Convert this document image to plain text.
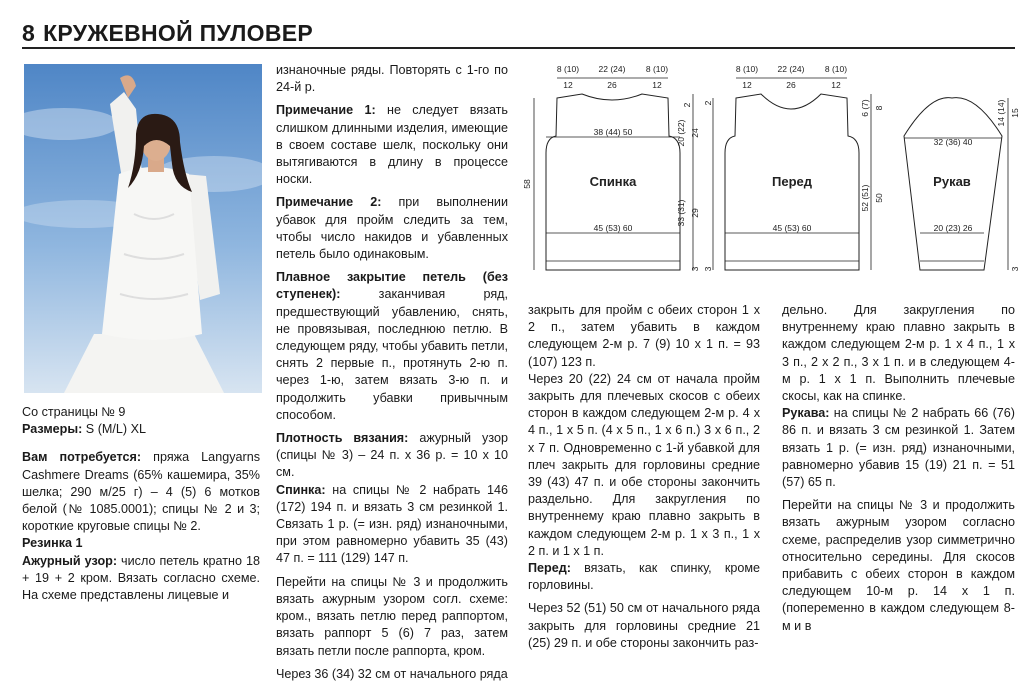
8 КРУЖЕВНОЙ ПУЛОВЕР

Со страницы № 9

Размеры: S (M/L) XL

Вам потребуется: пряжа Langyarns Cashmere Dreams (65% кашемира, 35% шелка; 290 м/25 г) – 4 (5) 6 мотков белой (№ 1085.0001); спицы № 2 и 3; короткие круговые спицы № 2.

Резинка 1

Ажурный узор: число петель кратно 18 + 19 + 2 кром. Вязать согласно схеме. На схеме представлены лицевые и

изнаночные ряды. Повторять с 1-го по 24-й р.

Примечание 1: не следует вязать слишком длинными изделия, имеющие в своем составе шелк, поскольку они вытягиваются в длину в процессе носки.

Примечание 2: при выполнении убавок для пройм следить за тем, чтобы число накидов и убавленных петель было одинаковым.

Плавное закрытие петель (без ступенек): заканчивая ряд, предшествующий убавлению, снять, не провязывая, последнюю петлю. В следующем ряду, чтобы убавить петли, снять 2 первые п., протянуть 2-ю п. через 1-ю, затем вязать 3-ю п. и продолжить убавки привычным способом.

Плотность вязания: ажурный узор (спицы № 3) – 24 п. х 36 р. = 10 х 10 см.

Спинка: на спицы № 2 набрать 146 (172) 194 п. и вязать 3 см резинкой 1. Связать 1 р. (= изн. ряд) изнаночными, при этом равномерно убавить 35 (43) 47 п. = 111 (129) 147 п.

Перейти на спицы № 3 и продолжить вязать ажурным узором согл. схеме: кром., вязать петлю перед раппортом, вязать раппорт 5 (6) 7 раз, затем вязать петли после раппорта, кром.

Через 36 (34) 32 см от начального ряда

закрыть для пройм с обеих сторон 1 х 2 п., затем убавить в каждом следующем 2-м р. 7 (9) 10 х 1 п. = 93 (107) 123 п.

Через 20 (22) 24 см от начала пройм закрыть для плечевых скосов с обеих сторон в каждом следующем 2-м р. 4 х 4 п., 1 х 5 п. (4 х 5 п., 1 х 6 п.) 3 х 6 п., 2 х 7 п. Одновременно с 1-й убавкой для плеч закрыть для горловины средние 39 (43) 47 п. и обе стороны закончить раздельно. Для закругления по внутреннему краю плавно закрыть в каждом следующем 2-м р. 1 х 3 п., 1 х 2 п. и 1 х 1 п.

Перед: вязать, как спинку, кроме горловины.

Через 52 (51) 50 см от начального ряда закрыть для горловины средние 21 (25) 29 п. и обе стороны закончить раз-

дельно. Для закругления по внутреннему краю плавно закрыть в каждом следующем 2-м р. 1 х 4 п., 1 х 3 п., 2 х 2 п., 3 х 1 п. и в следующем 4-м р. 1 х 1 п. Выполнить плечевые скосы, как на спинке.

Рукава: на спицы № 2 набрать 66 (76) 86 п. и вязать 3 см резинкой 1. Затем вязать 1 р. (= изн. ряд) изнаночными, равномерно убавив 15 (19) 21 п. = 51 (57) 65 п.

Перейти на спицы № 3 и продолжить вязать ажурным узором согласно схеме, распределив узор симметрично относительно середины. Для скосов прибавить с обеих сторон в каждом следующем 10-м р. 14 х 1 п. (попеременно в каждом следующем 8-м и в

8 (10) 22 (24) 8 (10)
12	26	12
38 (44) 50
45 (53) 60
Спинка
58
2
20 (22) 24
33 (31) 29
3
8 (10) 22 (24) 8 (10)
12	26	12
45 (53) 60
Перед
2
3
6 (7) 8
52 (51) 50
32 (36) 40
20 (23) 26
Рукав
14 (14) 15
3
